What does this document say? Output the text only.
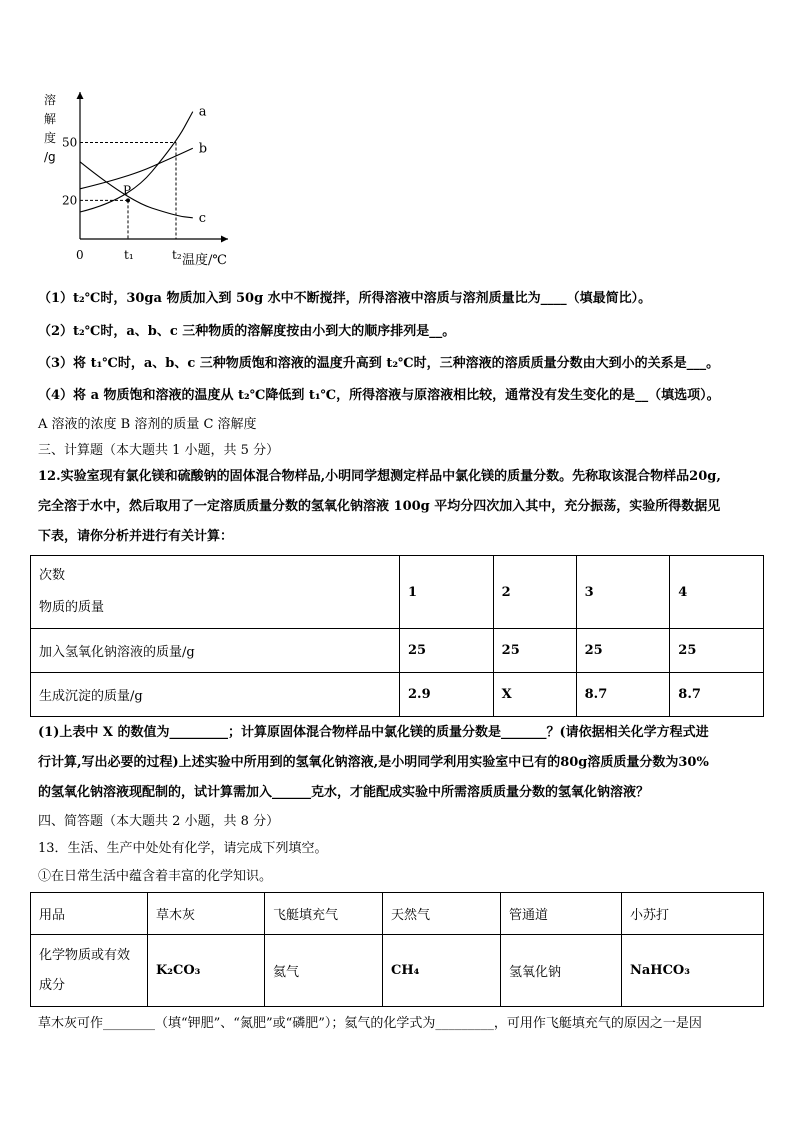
溶
解
度
/g
50
20
0	t₁	t₂ 温度/℃
a
b
c
P
（1）t₂℃时，30ga 物质加入到 50g 水中不断搅拌，所得溶液中溶质与溶剂质量比为____（填最简比）。
（2）t₂℃时，a、b、c 三种物质的溶解度按由小到大的顺序排列是__。
（3）将 t₁℃时，a、b、c 三种物质饱和溶液的温度升高到 t₂℃时，三种溶液的溶质质量分数由大到小的关系是___。
（4）将 a 物质饱和溶液的温度从 t₂℃降低到 t₁℃，所得溶液与原溶液相比较，通常没有发生变化的是__（填选项）。
A 溶液的浓度 B 溶剂的质量 C 溶解度
三、计算题（本大题共 1 小题，共 5 分）
12.实验室现有氯化镁和硫酸钠的固体混合物样品,小明同学想测定样品中氯化镁的质量分数。先称取该混合物样品20g,
完全溶于水中，然后取用了一定溶质质量分数的氢氧化钠溶液 100g 平均分四次加入其中，充分振荡，实验所得数据见
下表，请你分析并进行有关计算：
次数
物质的质量	1	2	3	4
加入氢氧化钠溶液的质量/g	25	25	25	25
生成沉淀的质量/g	2.9	X	8.7	8.7
(1)上表中 X 的数值为_________；计算原固体混合物样品中氯化镁的质量分数是_______？(请依据相关化学方程式进
行计算,写出必要的过程)上述实验中所用到的氢氧化钠溶液,是小明同学利用实验室中已有的80g溶质质量分数为30%
的氢氧化钠溶液现配制的，试计算需加入______克水，才能配成实验中所需溶质质量分数的氢氧化钠溶液？
四、简答题（本大题共 2 小题，共 8 分）
13．生活、生产中处处有化学，请完成下列填空。
①在日常生活中蕴含着丰富的化学知识。
用品	草木灰	飞艇填充气	天然气	管通道	小苏打

化学物质或有效
成分	K₂CO₃	氦气	CH₄	氢氧化钠	NaHCO₃
草木灰可作________（填“钾肥”、“氮肥”或“磷肥”）；氦气的化学式为_________，可用作飞艇填充气的原因之一是因
